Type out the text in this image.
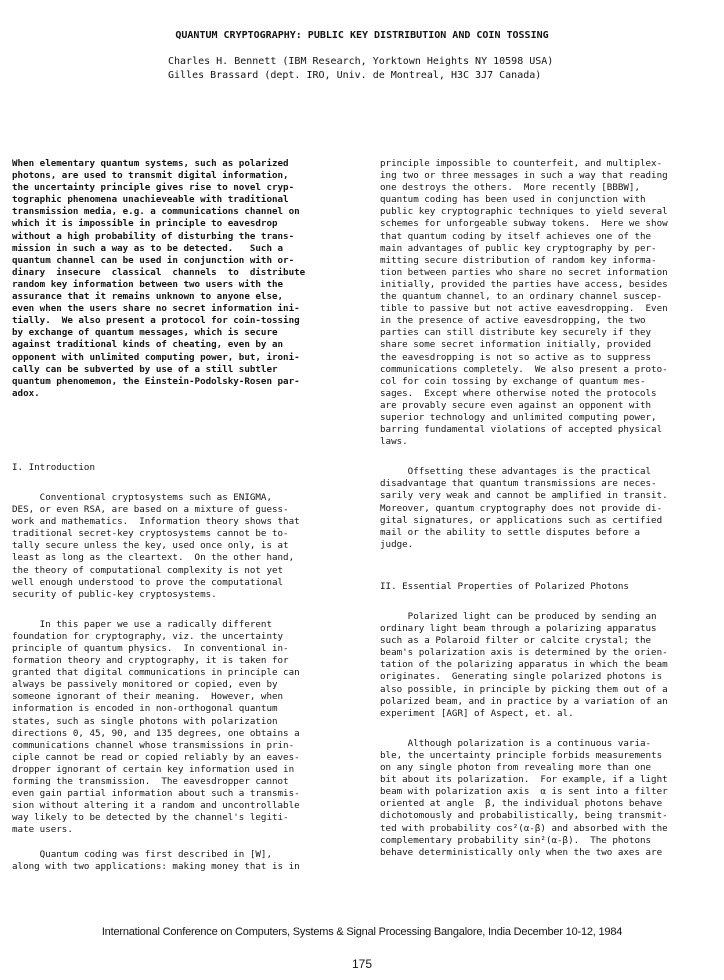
QUANTUM CRYPTOGRAPHY: PUBLIC KEY DISTRIBUTION AND COIN TOSSING
Charles H. Bennett (IBM Research, Yorktown Heights NY 10598 USA)
Gilles Brassard (dept. IRO, Univ. de Montreal, H3C 3J7 Canada)

When elementary quantum systems, such as polarized

photons, are used to transmit digital information,

the uncertainty principle gives rise to novel cryp-

tographic phenomena unachieveable with traditional

transmission media, e.g. a communications channel on

which it is impossible in principle to eavesdrop

without a high probability of disturbing the trans-

mission in such a way as to be detected.   Such a

quantum channel can be used in conjunction with or-

dinary  insecure  classical  channels  to  distribute

random key information between two users with the

assurance that it remains unknown to anyone else,

even when the users share no secret information ini-

tially.  We also present a protocol for coin-tossing

by exchange of quantum messages, which is secure

against traditional kinds of cheating, even by an

opponent with unlimited computing power, but, ironi-

cally can be subverted by use of a still subtler

quantum phenomemon, the Einstein-Podolsky-Rosen par-

adox.

I. Introduction

Conventional cryptosystems such as ENIGMA,

DES, or even RSA, are based on a mixture of guess-

work and mathematics.  Information theory shows that

traditional secret-key cryptosystems cannot be to-

tally secure unless the key, used once only, is at

least as long as the cleartext.  On the other hand,

the theory of computational complexity is not yet

well enough understood to prove the computational

security of public-key cryptosystems.

In this paper we use a radically different

foundation for cryptography, viz. the uncertainty

principle of quantum physics.  In conventional in-

formation theory and cryptography, it is taken for

granted that digital communications in principle can

always be passively monitored or copied, even by

someone ignorant of their meaning.  However, when

information is encoded in non-orthogonal quantum

states, such as single photons with polarization

directions 0, 45, 90, and 135 degrees, one obtains a

communications channel whose transmissions in prin-

ciple cannot be read or copied reliably by an eaves-

dropper ignorant of certain key information used in

forming the transmission.  The eavesdropper cannot

even gain partial information about such a transmis-

sion without altering it a random and uncontrollable

way likely to be detected by the channel's legiti-

mate users.

Quantum coding was first described in [W],

along with two applications: making money that is in

principle impossible to counterfeit, and multiplex-

ing two or three messages in such a way that reading

one destroys the others.  More recently [BBBW],

quantum coding has been used in conjunction with

public key cryptographic techniques to yield several

schemes for unforgeable subway tokens.  Here we show

that quantum coding by itself achieves one of the

main advantages of public key cryptography by per-

mitting secure distribution of random key informa-

tion between parties who share no secret information

initially, provided the parties have access, besides

the quantum channel, to an ordinary channel suscep-

tible to passive but not active eavesdropping.  Even

in the presence of active eavesdropping, the two

parties can still distribute key securely if they

share some secret information initially, provided

the eavesdropping is not so active as to suppress

communications completely.  We also present a proto-

col for coin tossing by exchange of quantum mes-

sages.  Except where otherwise noted the protocols

are provably secure even against an opponent with

superior technology and unlimited computing power,

barring fundamental violations of accepted physical

laws.

Offsetting these advantages is the practical

disadvantage that quantum transmissions are neces-

sarily very weak and cannot be amplified in transit.

Moreover, quantum cryptography does not provide di-

gital signatures, or applications such as certified

mail or the ability to settle disputes before a

judge.

II. Essential Properties of Polarized Photons

Polarized light can be produced by sending an

ordinary light beam through a polarizing apparatus

such as a Polaroid filter or calcite crystal; the

beam's polarization axis is determined by the orien-

tation of the polarizing apparatus in which the beam

originates.  Generating single polarized photons is

also possible, in principle by picking them out of a

polarized beam, and in practice by a variation of an

experiment [AGR] of Aspect, et. al.

Although polarization is a continuous varia-

ble, the uncertainty principle forbids measurements

on any single photon from revealing more than one

bit about its polarization.  For example, if a light

beam with polarization axis  α is sent into a filter

oriented at angle  β, the individual photons behave

dichotomously and probabilistically, being transmit-

ted with probability cos²(α-β) and absorbed with the

complementary probability sin²(α-β).  The photons

behave deterministically only when the two axes are

International Conference on Computers, Systems & Signal Processing Bangalore, India December 10-12, 1984
175
